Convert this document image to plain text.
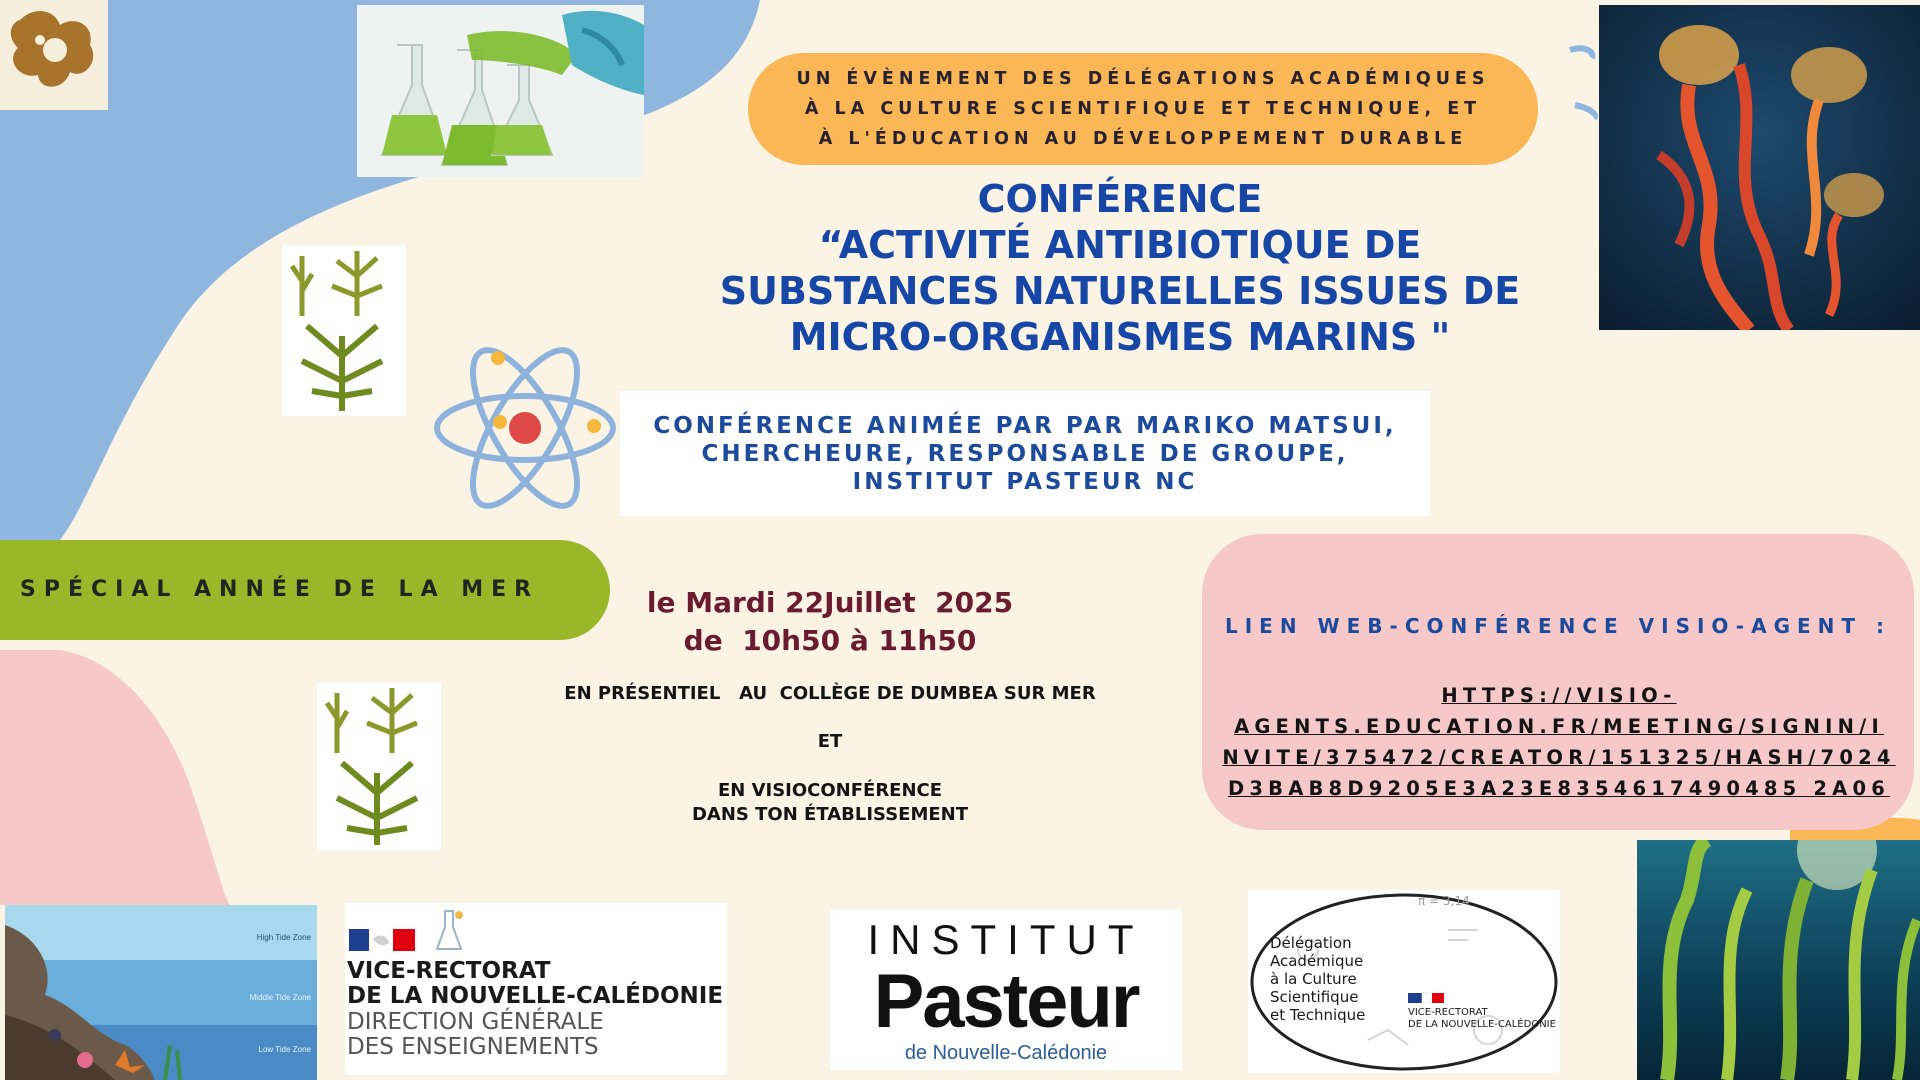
UN ÉVÈNEMENT DES DÉLÉGATIONS ACADÉMIQUES
À LA CULTURE SCIENTIFIQUE ET TECHNIQUE, ET
À L'ÉDUCATION AU DÉVELOPPEMENT DURABLE
CONFÉRENCE
“ACTIVITÉ ANTIBIOTIQUE DE
SUBSTANCES NATURELLES ISSUES DE
MICRO-ORGANISMES MARINS "
CONFÉRENCE ANIMÉE PAR PAR MARIKO MATSUI,
CHERCHEURE, RESPONSABLE DE GROUPE,
INSTITUT PASTEUR NC
SPÉCIAL ANNÉE DE LA MER	le Mardi 22Juillet  2025
de  10h50 à 11h50
EN PRÉSENTIEL   AU  COLLÈGE DE DUMBEA SUR MER
ET
EN VISIOCONFÉRENCE
DANS TON ÉTABLISSEMENT
LIEN WEB-CONFÉRENCE VISIO-AGENT :
HTTPS://VISIO-
AGENTS.EDUCATION.FR/MEETING/SIGNIN/I
NVITE/375472/CREATOR/151325/HASH/7024
D3BAB8D9205E3A23E8354617490485 2A06
High Tide Zone
Middle Tide Zone
Low Tide Zone
VICE-RECTORAT
DE LA NOUVELLE-CALÉDONIE
DIRECTION GÉNÉRALE
DES ENSEIGNEMENTS
INSTITUT
Pasteur
de Nouvelle-Calédonie
π = 3,14
Délégation
Académique
à la Culture
Scientifique
et Technique	VICE-RECTORAT
DE LA NOUVELLE-CALÉDONIE
